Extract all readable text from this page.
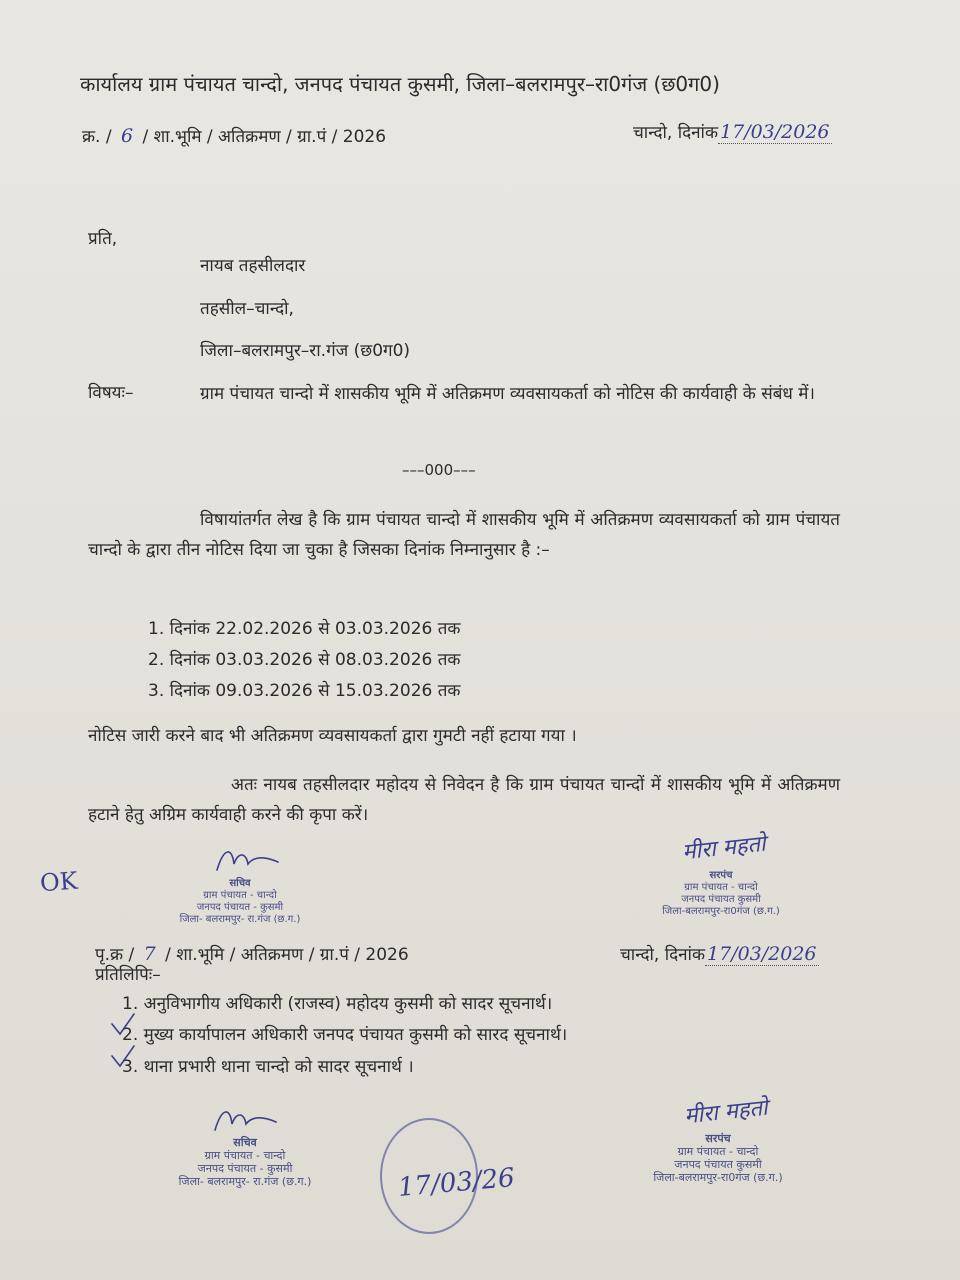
कार्यालय ग्राम पंचायत चान्दो, जनपद पंचायत कुसमी, जिला–बलरामपुर–रा0गंज (छ0ग0)
क्र. / 6 / शा.भूमि / अतिक्रमण / ग्रा.पं / 2026	चान्दो, दिनांक 17/03/2026
प्रति,
नायब तहसीलदार
तहसील–चान्दो,
जिला–बलरामपुर–रा.गंज (छ0ग0)
विषयः–	ग्राम पंचायत चान्दो में शासकीय भूमि में अतिक्रमण व्यवसायकर्ता को नोटिस की कार्यवाही के संबंध में।
–––000–––
विषायांतर्गत लेख है कि ग्राम पंचायत चान्दो में शासकीय भूमि में अतिक्रमण व्यवसायकर्ता को ग्राम पंचायत चान्दो के द्वारा तीन नोटिस दिया जा चुका है जिसका दिनांक निम्नानुसार है :–
1. दिनांक 22.02.2026 से 03.03.2026 तक
2. दिनांक 03.03.2026 से 08.03.2026 तक
3. दिनांक 09.03.2026 से 15.03.2026 तक
नोटिस जारी करने बाद भी अतिक्रमण व्यवसायकर्ता द्वारा गुमटी नहीं हटाया गया ।
अतः नायब तहसीलदार महोदय से निवेदन है कि ग्राम पंचायत चान्दों में शासकीय भूमि में अतिक्रमण हटाने हेतु अग्रिम कार्यवाही करने की कृपा करें।
OK	सचिव
ग्राम पंचायत - चान्दो
जनपद पंचायत - कुसमी
जिला- बलरामपुर- रा.गंज (छ.ग.)
मीरा महतो
सरपंच
ग्राम पंचायत - चान्दो
जनपद पंचायत कुसमी
जिला-बलरामपुर-रा0गंज (छ.ग.)
पृ.क्र / 7 / शा.भूमि / अतिक्रमण / ग्रा.पं / 2026	चान्दो, दिनांक 17/03/2026
प्रतिलिपिः–
1. अनुविभागीय अधिकारी (राजस्व) महोदय कुसमी को सादर सूचनार्थ।
2. मुख्य कार्यापालन अधिकारी जनपद पंचायत कुसमी को सारद सूचनार्थ।
3. थाना प्रभारी थाना चान्दो को सादर सूचनार्थ ।
सचिव
ग्राम पंचायत - चान्दो
जनपद पंचायत - कुसमी
जिला- बलरामपुर- रा.गंज (छ.ग.)	17/03/26
मीरा महतो
सरपंच
ग्राम पंचायत - चान्दो
जनपद पंचायत कुसमी
जिला-बलरामपुर-रा0गंज (छ.ग.)
